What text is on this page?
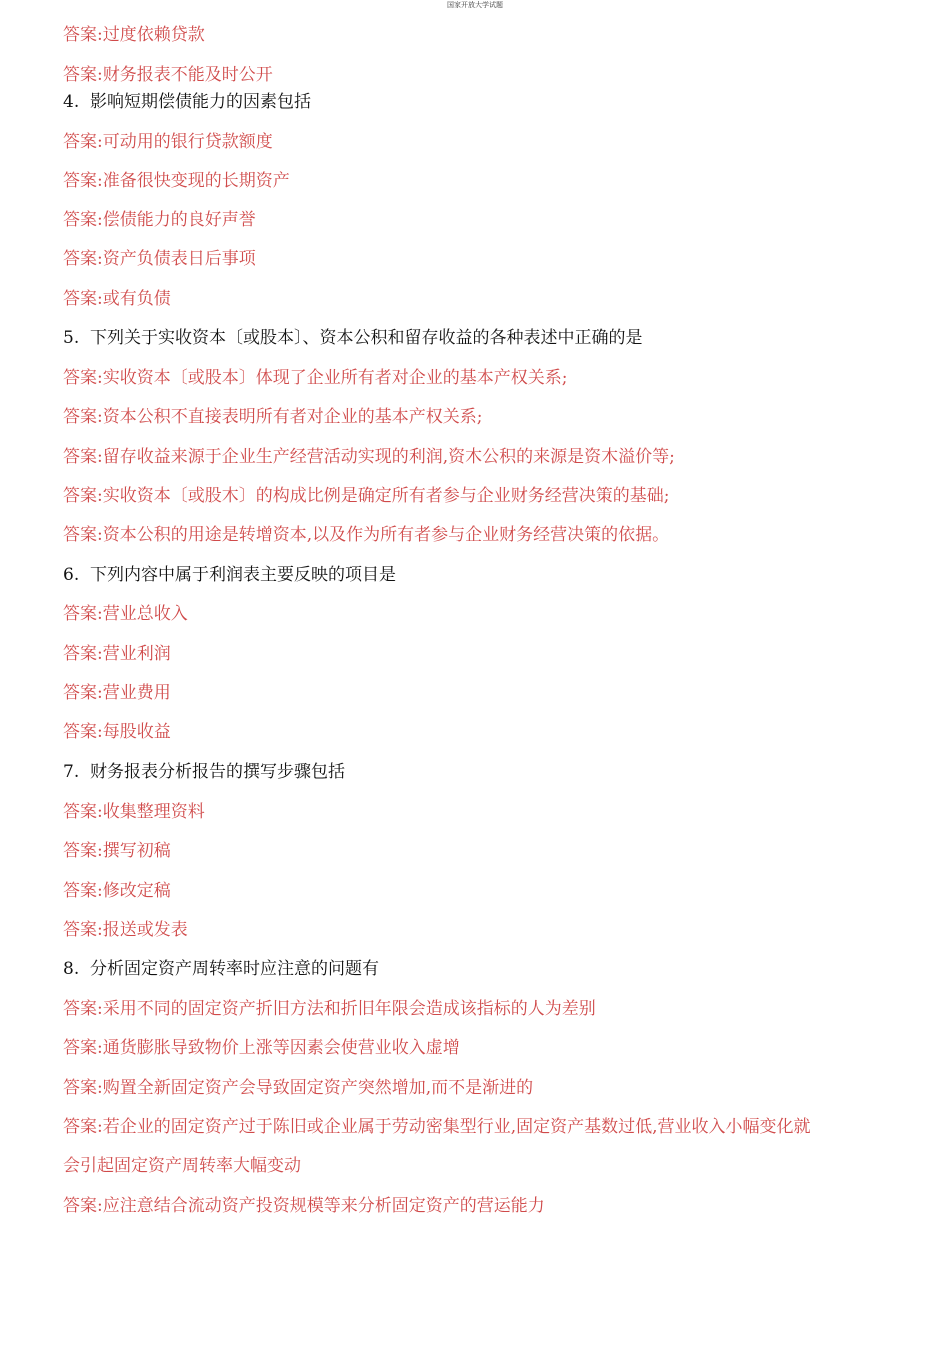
国家开放大学试题
答案:过度依赖贷款
答案:财务报表不能及时公开
4. 影响短期偿债能力的因素包括
答案:可动用的银行贷款额度
答案:准备很快变现的长期资产
答案:偿债能力的良好声誉
答案:资产负债表日后事项
答案:或有负债
5. 下列关于实收资本〔或股本〕、资本公积和留存收益的各种表述中正确的是
答案:实收资本〔或股本〕体现了企业所有者对企业的基本产权关系;
答案:资本公积不直接表明所有者对企业的基本产权关系;
答案:留存收益来源于企业生产经营活动实现的利润,资木公积的来源是资木溢价等;
答案:实收资本〔或股木〕的构成比例是确定所有者参与企业财务经营决策的基础;
答案:资本公积的用途是转增资本,以及作为所有者参与企业财务经营决策的依据。
6. 下列内容中属于利润表主要反映的项目是
答案:营业总收入
答案:营业利润
答案:营业费用
答案:每股收益
7. 财务报表分析报告的撰写步骤包括
答案:收集整理资料
答案:撰写初稿
答案:修改定稿
答案:报送或发表
8. 分析固定资产周转率时应注意的问题有
答案:采用不同的固定资产折旧方法和折旧年限会造成该指标的人为差别
答案:通货膨胀导致物价上涨等因素会使营业收入虚增
答案:购置全新固定资产会导致固定资产突然增加,而不是渐进的
答案:若企业的固定资产过于陈旧或企业属于劳动密集型行业,固定资产基数过低,营业收入小幅变化就
会引起固定资产周转率大幅变动
答案:应注意结合流动资产投资规模等来分析固定资产的营运能力
